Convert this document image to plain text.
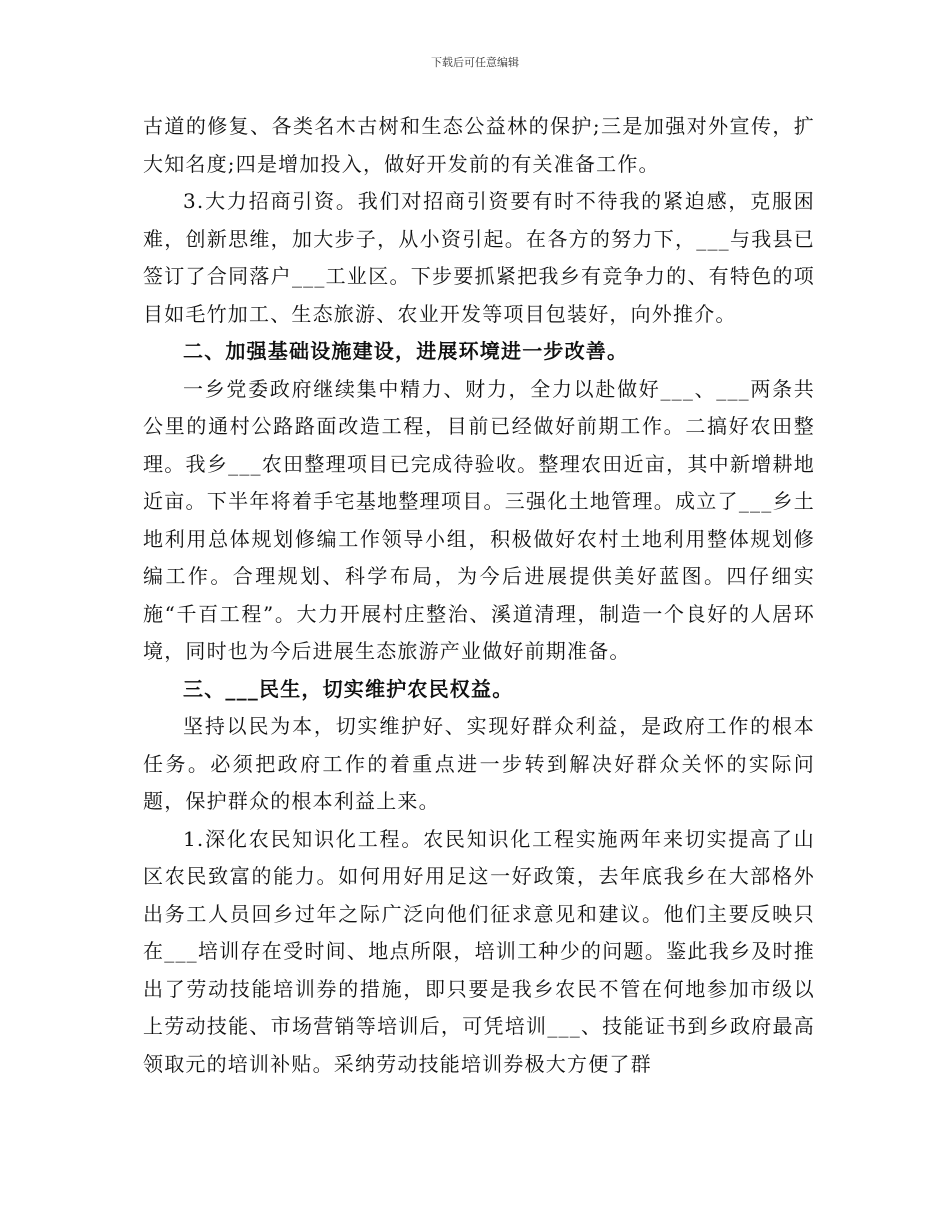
下载后可任意编辑

古道的修复、各类名木古树和生态公益林的保护;三是加强对外宣传，扩大知名度;四是增加投入，做好开发前的有关准备工作。

3.大力招商引资。我们对招商引资要有时不待我的紧迫感，克服困难，创新思维，加大步子，从小资引起。在各方的努力下，___与我县已签订了合同落户___工业区。下步要抓紧把我乡有竞争力的、有特色的项目如毛竹加工、生态旅游、农业开发等项目包装好，向外推介。

二、加强基础设施建设，进展环境进一步改善。

一乡党委政府继续集中精力、财力，全力以赴做好___、___两条共公里的通村公路路面改造工程，目前已经做好前期工作。二搞好农田整理。我乡___农田整理项目已完成待验收。整理农田近亩，其中新增耕地近亩。下半年将着手宅基地整理项目。三强化土地管理。成立了___乡土地利用总体规划修编工作领导小组，积极做好农村土地利用整体规划修编工作。合理规划、科学布局，为今后进展提供美好蓝图。四仔细实施“千百工程”。大力开展村庄整治、溪道清理，制造一个良好的人居环境，同时也为今后进展生态旅游产业做好前期准备。

三、___民生，切实维护农民权益。

坚持以民为本，切实维护好、实现好群众利益，是政府工作的根本任务。必须把政府工作的着重点进一步转到解决好群众关怀的实际问题，保护群众的根本利益上来。

1.深化农民知识化工程。农民知识化工程实施两年来切实提高了山区农民致富的能力。如何用好用足这一好政策，去年底我乡在大部格外出务工人员回乡过年之际广泛向他们征求意见和建议。他们主要反映只在___培训存在受时间、地点所限，培训工种少的问题。鉴此我乡及时推出了劳动技能培训券的措施，即只要是我乡农民不管在何地参加市级以上劳动技能、市场营销等培训后，可凭培训___、技能证书到乡政府最高领取元的培训补贴。采纳劳动技能培训券极大方便了群
